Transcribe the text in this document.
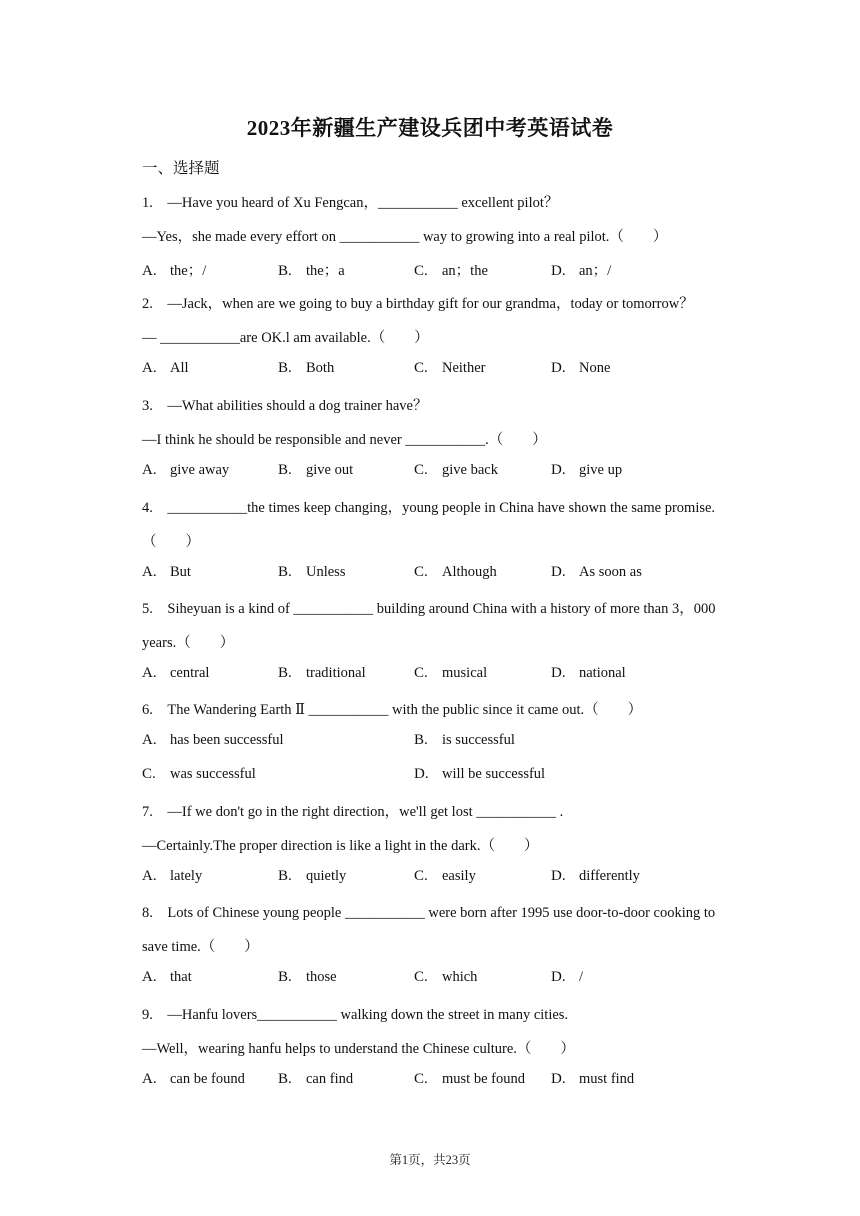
2023年新疆生产建设兵团中考英语试卷
一、选择题
1.　—Have you heard of Xu Fengcan，___________ excellent pilot？
—Yes，she made every effort on ___________ way to growing into a real pilot.（　　）
A. the；/	B. the；a	C. an；the	D. an；/
2.　—Jack，when are we going to buy a birthday gift for our grandma，today or tomorrow？
— ___________are OK.l am available.（　　）
A. All	B. Both	C. Neither	D. None
3.　—What abilities should a dog trainer have？
—I think he should be responsible and never ___________.（　　）
A. give away	B. give out	C. give back	D. give up
4.　___________the times keep changing，young people in China have shown the same promise.
（　　）
A. But	B. Unless	C. Although	D. As soon as
5.　Siheyuan is a kind of ___________ building around China with a history of more than 3，000
years.（　　）
A. central	B. traditional	C. musical	D. national
6.　The Wandering Earth Ⅱ ___________ with the public since it came out.（　　）
A. has been successful	B. is successful
C. was successful	D. will be successful
7.　—If we don't go in the right direction，we'll get lost ___________ .
—Certainly.The proper direction is like a light in the dark.（　　）
A. lately	B. quietly	C. easily	D. differently
8.　Lots of Chinese young people ___________ were born after 1995 use door-to-door cooking to
save time.（　　）
A. that	B. those	C. which	D. /
9.　—Hanfu lovers___________ walking down the street in many cities.
—Well，wearing hanfu helps to understand the Chinese culture.（　　）
A. can be found B. can find	C. must be found D. must find
第1页，共23页
